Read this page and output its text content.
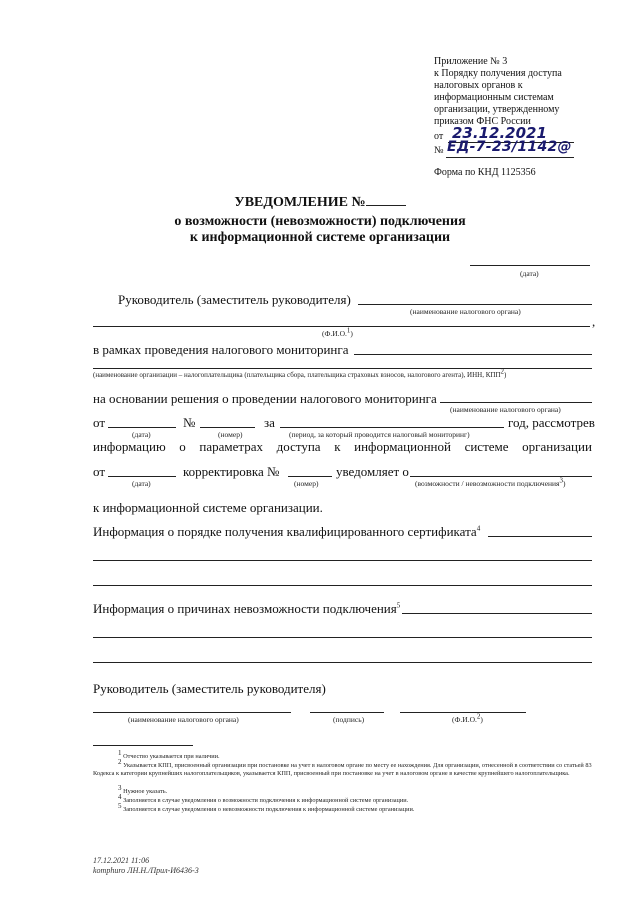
Приложение № 3
к Порядку получения доступа
налоговых органов к
информационным системам
организации, утвержденному
приказом ФНС России
от 23.12.2021
№ ЕД-7-23/1142@
Форма по КНД 1125356
УВЕДОМЛЕНИЕ №
о возможности (невозможности) подключения
к информационной системе организации
(дата)
Руководитель (заместитель руководителя)
(наименование налогового органа)
,
(Ф.И.О.1)
в рамках проведения налогового мониторинга
(наименование организации – налогоплательщика (плательщика сбора, плательщика страховых взносов, налогового агента), ИНН, КПП2)
на основании решения о проведении налогового мониторинга
(наименование налогового органа)
от	№	за	год, рассмотрев
(дата)	(номер)	(период, за который проводится налоговый мониторинг)
информацию о параметрах доступа к информационной системе организации
от	корректировка №	уведомляет о
(дата)	(номер)	(возможности / невозможности подключения3)
к информационной системе организации.
Информация о порядке получения квалифицированного сертификата$^4$
Информация о причинах невозможности подключения$^5$
Руководитель (заместитель руководителя)
(наименование налогового органа)	(подпись)	(Ф.И.О.2)
1 Отчество указывается при наличии.
2 Указывается КПП, присвоенный организации при постановке на учет в налоговом органе по месту ее нахождения. Для организации, отнесенной в соответствии со статьей 83 Кодекса к категории крупнейших налогоплательщиков, указывается КПП, присвоенный при постановке на учет в налоговом органе в качестве крупнейшего налогоплательщика.
3 Нужное указать.
4 Заполняется в случае уведомления о возможности подключения к информационной системе организации.
5 Заполняется в случае уведомления о невозможности подключения к информационной системе организации.
17.12.2021 11:06
komphuro ЛН.Н./Прил-И6436-3
